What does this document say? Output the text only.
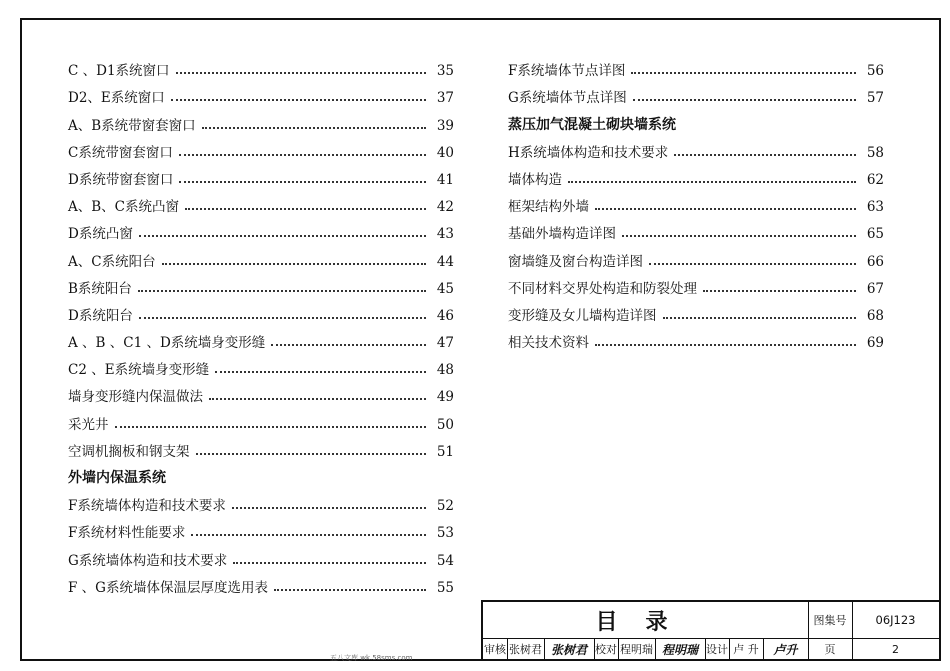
C 、D1系统窗口	35
D2、E系统窗口	37
A、B系统带窗套窗口	39
C系统带窗套窗口	40
D系统带窗套窗口	41
A、B、C系统凸窗	42
D系统凸窗	43
A、C系统阳台	44
B系统阳台	45
D系统阳台	46
A 、B 、C1 、D系统墙身变形缝	47
C2 、E系统墙身变形缝	48
墙身变形缝内保温做法	49
采光井	50
空调机搁板和钢支架	51
外墙内保温系统
F系统墙体构造和技术要求	52
F系统材料性能要求	53
G系统墙体构造和技术要求	54
F 、G系统墙体保温层厚度选用表	55
F系统墙体节点详图	56
G系统墙体节点详图	57
蒸压加气混凝土砌块墙系统
H系统墙体构造和技术要求	58
墙体构造	62
框架结构外墙	63
基础外墙构造详图	65
窗墙缝及窗台构造详图	66
不同材料交界处构造和防裂处理	67
变形缝及女儿墙构造详图	68
相关技术资料	69
目录	图集号	06J123
审核 张树君 张树君 校对 程明瑞 程明瑞 设计 卢 升	卢升	页	2
五八文库 wk.58sms.com
